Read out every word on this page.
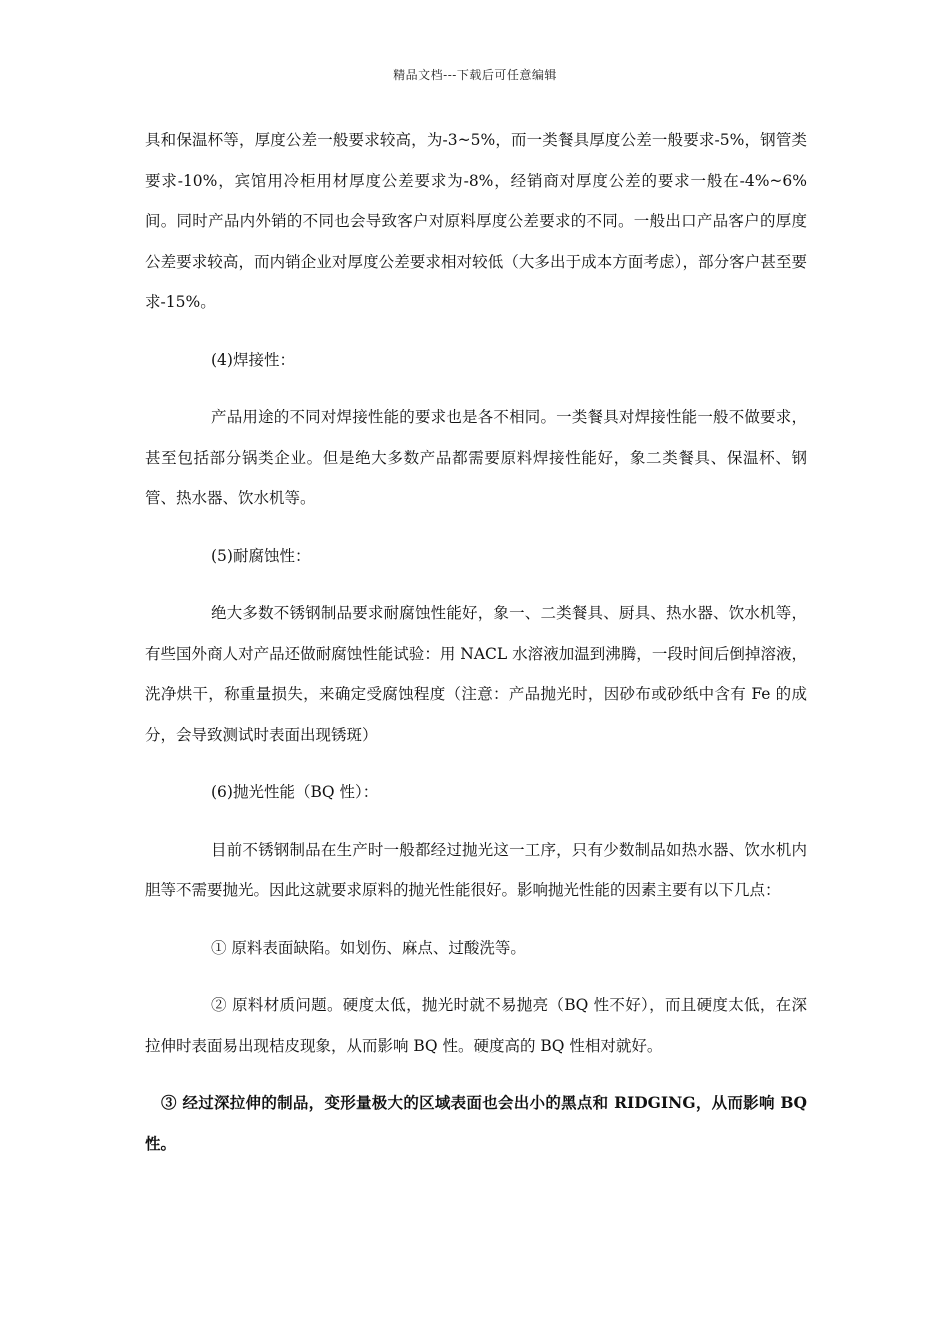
精品文档---下载后可任意编辑

具和保温杯等，厚度公差一般要求较高，为-3~5%，而一类餐具厚度公差一般要求-5%，钢管类要求-10%，宾馆用冷柜用材厚度公差要求为-8%，经销商对厚度公差的要求一般在-4%~6%间。同时产品内外销的不同也会导致客户对原料厚度公差要求的不同。一般出口产品客户的厚度公差要求较高，而内销企业对厚度公差要求相对较低（大多出于成本方面考虑），部分客户甚至要求-15%。

(4)焊接性：

产品用途的不同对焊接性能的要求也是各不相同。一类餐具对焊接性能一般不做要求，甚至包括部分锅类企业。但是绝大多数产品都需要原料焊接性能好，象二类餐具、保温杯、钢管、热水器、饮水机等。

(5)耐腐蚀性：

绝大多数不锈钢制品要求耐腐蚀性能好，象一、二类餐具、厨具、热水器、饮水机等，有些国外商人对产品还做耐腐蚀性能试验：用 NACL 水溶液加温到沸腾，一段时间后倒掉溶液，洗净烘干，称重量损失，来确定受腐蚀程度（注意：产品抛光时，因砂布或砂纸中含有 Fe 的成分，会导致测试时表面出现锈斑）

(6)抛光性能（BQ 性）：

目前不锈钢制品在生产时一般都经过抛光这一工序，只有少数制品如热水器、饮水机内胆等不需要抛光。因此这就要求原料的抛光性能很好。影响抛光性能的因素主要有以下几点：

① 原料表面缺陷。如划伤、麻点、过酸洗等。

② 原料材质问题。硬度太低，抛光时就不易抛亮（BQ 性不好），而且硬度太低，在深拉伸时表面易出现桔皮现象，从而影响 BQ 性。硬度高的 BQ 性相对就好。

③ 经过深拉伸的制品，变形量极大的区域表面也会出小的黑点和 RIDGING，从而影响 BQ 性。
